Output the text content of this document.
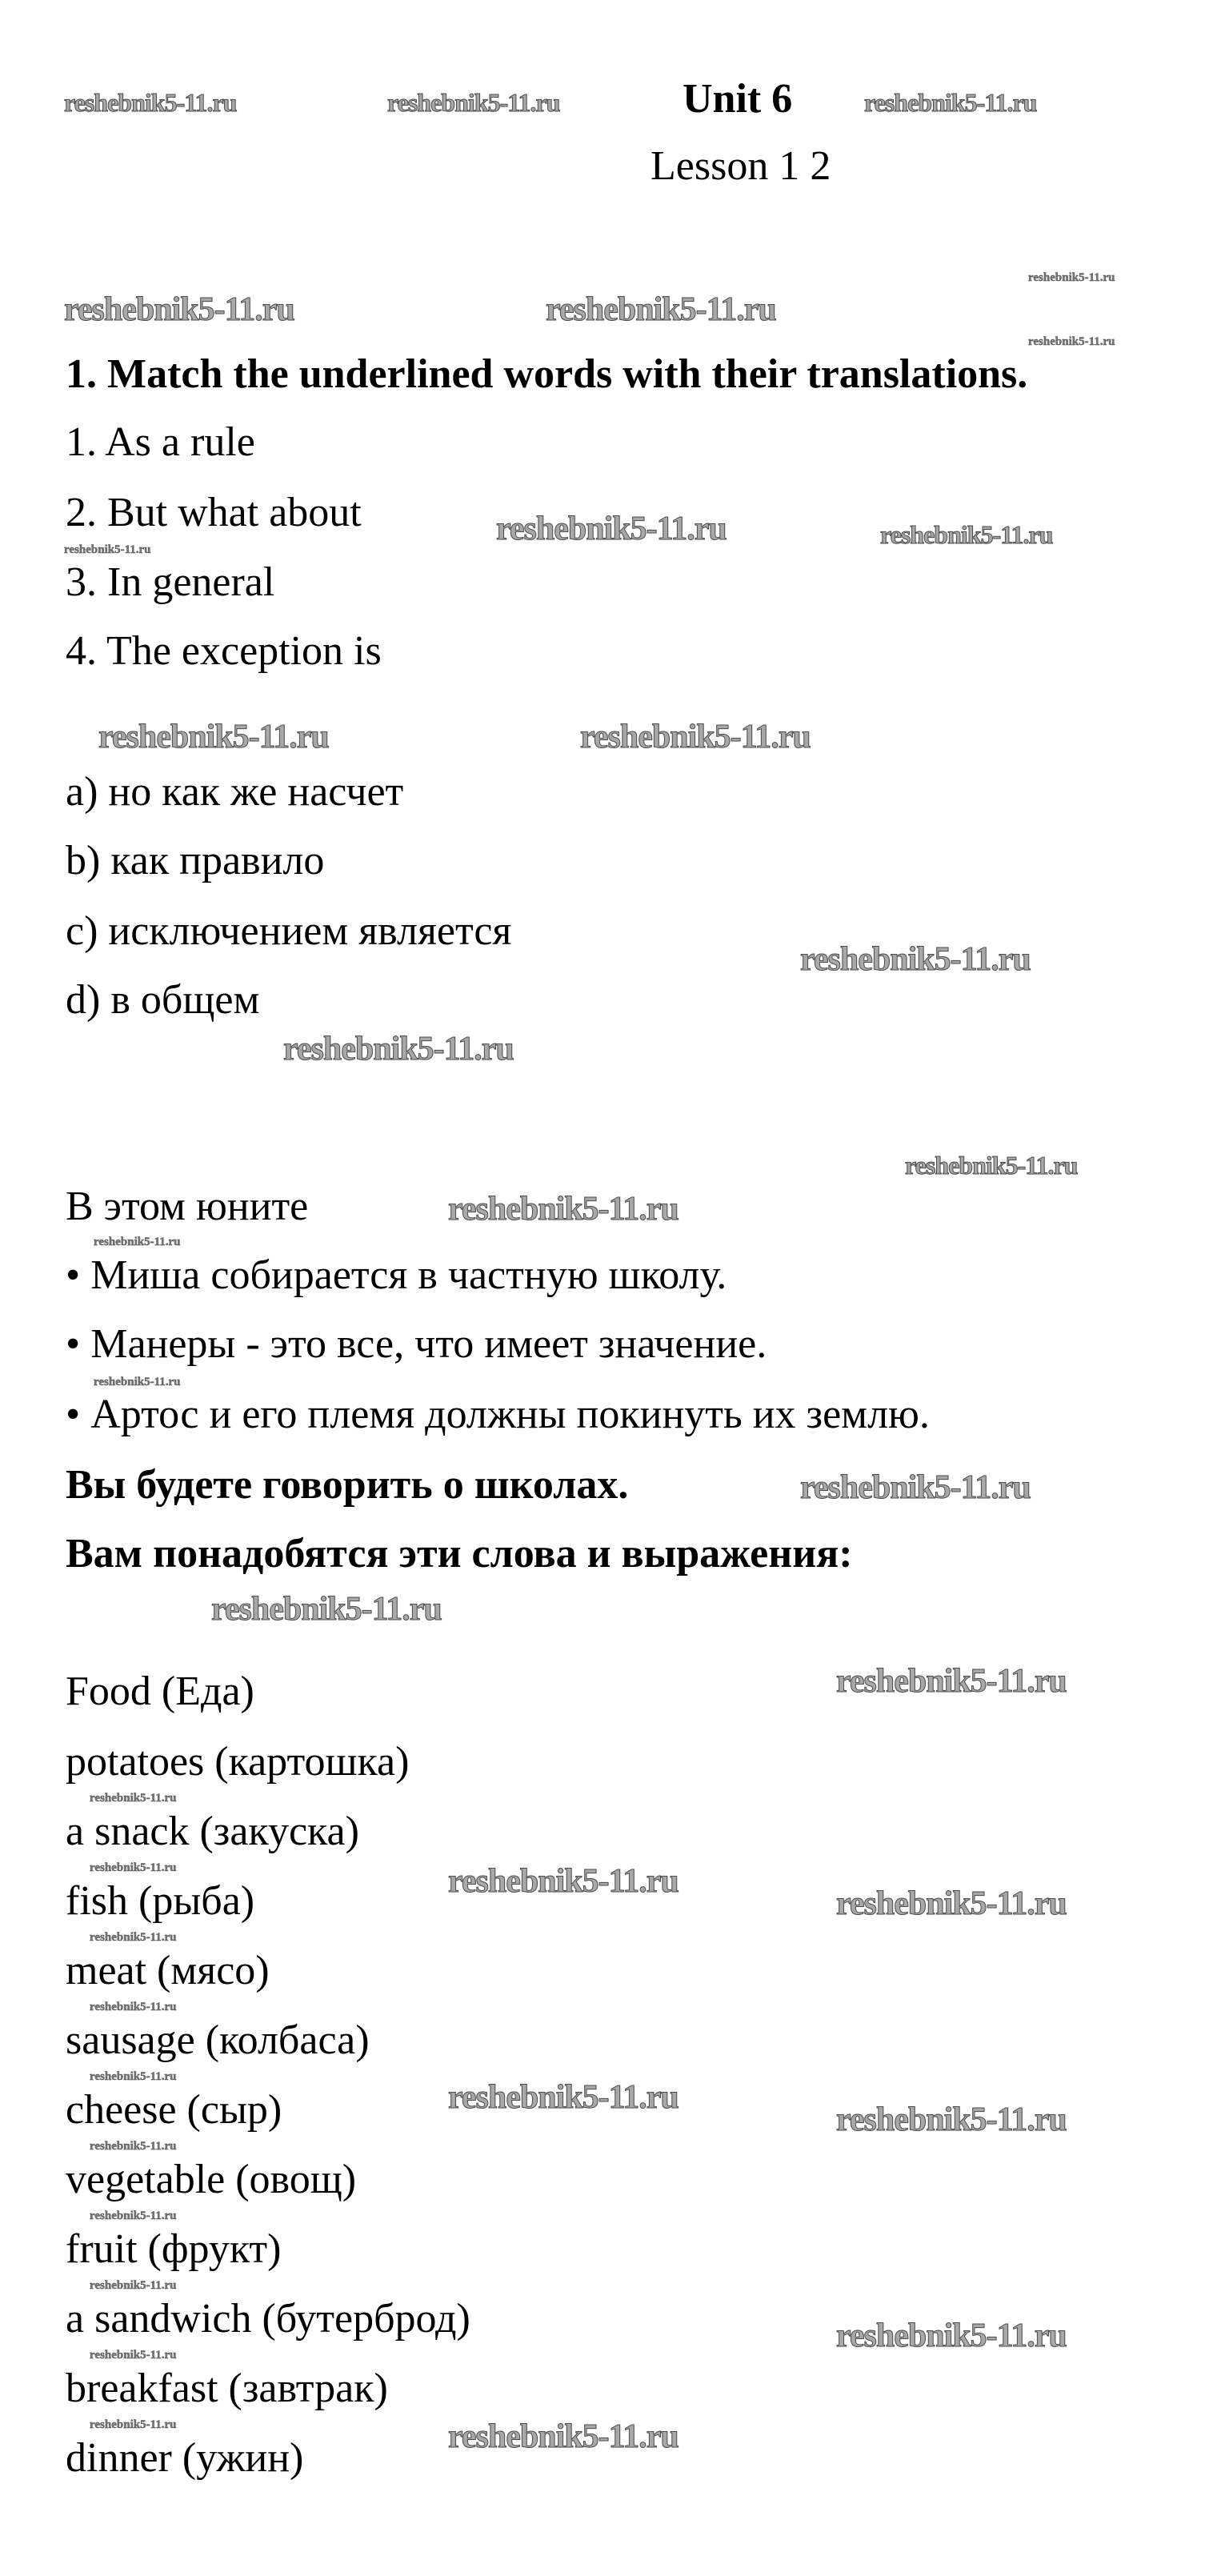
Unit 6
Lesson 1 2
1. Match the underlined words with their translations.
1. As a rule
2. But what about
3. In general
4. The exception is
a) но как же насчет
b) как правило
c) исключением является
d) в общем
В этом юните
• Миша собирается в частную школу.
• Манеры - это все, что имеет значение.
• Артос и его племя должны покинуть их землю.
Вы будете говорить о школах.
Вам понадобятся эти слова и выражения:
Food (Еда)
potatoes (картошка)
a snack (закуска)
fish (рыба)
meat (мясо)
sausage (колбаса)
cheese (сыр)
vegetable (овощ)
fruit (фрукт)
a sandwich (бутерброд)
breakfast (завтрак)
dinner (ужин)
reshebnik5-11.ru	reshebnik5-11.ru	reshebnik5-11.ru
reshebnik5-11.ru	reshebnik5-11.ru
reshebnik5-11.ru
reshebnik5-11.ru
reshebnik5-11.ru	reshebnik5-11.ru
reshebnik5-11.ru
reshebnik5-11.ru	reshebnik5-11.ru
reshebnik5-11.ru
reshebnik5-11.ru
reshebnik5-11.ru
reshebnik5-11.ru
reshebnik5-11.ru
reshebnik5-11.ru
reshebnik5-11.ru
reshebnik5-11.ru
reshebnik5-11.ru
reshebnik5-11.ru
reshebnik5-11.ru
reshebnik5-11.ru
reshebnik5-11.ru
reshebnik5-11.ru
reshebnik5-11.ru
reshebnik5-11.ru
reshebnik5-11.ru
reshebnik5-11.ru
reshebnik5-11.ru
reshebnik5-11.ru
reshebnik5-11.ru
reshebnik5-11.ru
reshebnik5-11.ru
reshebnik5-11.ru
reshebnik5-11.ru
